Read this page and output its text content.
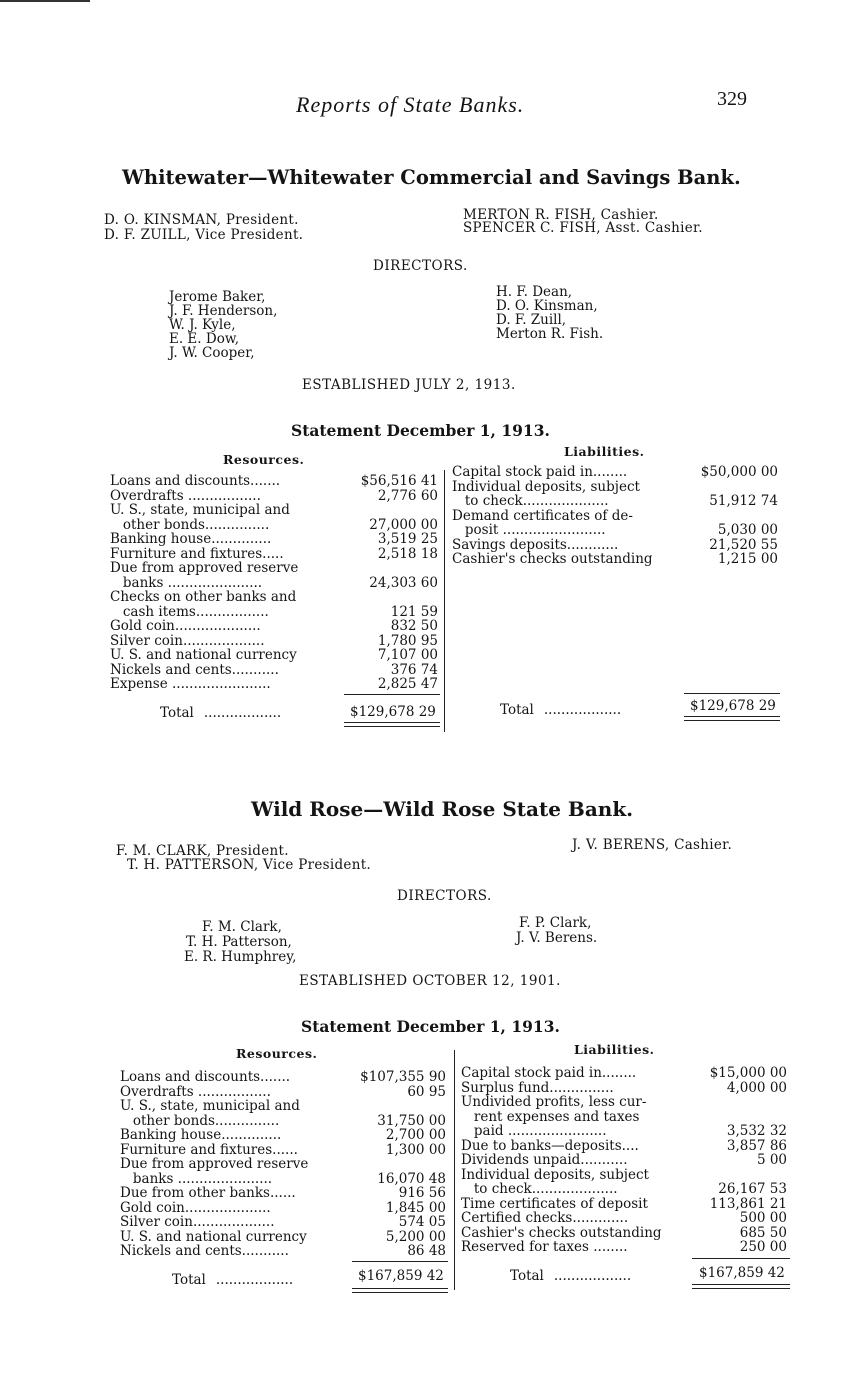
Reports of State Banks.	329
Whitewater—Whitewater Commercial and Savings Bank.
D. O. KINSMAN, President.
D. F. ZUILL, Vice President.
MERTON R. FISH, Cashier.
SPENCER C. FISH, Asst. Cashier.
DIRECTORS.
Jerome Baker,
J. F. Henderson,
W. J. Kyle,
E. E. Dow,
J. W. Cooper,
H. F. Dean,
D. O. Kinsman,
D. F. Zuill,
Merton R. Fish.
ESTABLISHED JULY 2, 1913.
Statement December 1, 1913.
Resources.
Liabilities.
Loans and discounts.......	$56,516 41
Overdrafts .................	2,776 60
U. S., state, municipal and
other bonds...............	27,000 00
Banking house..............	3,519 25
Furniture and fixtures.....	2,518 18
Due from approved reserve
banks ......................	24,303 60
Checks on other banks and
cash items.................	121 59
Gold coin....................	832 50
Silver coin...................	1,780 95
U. S. and national currency	7,107 00
Nickels and cents...........	376 74
Expense .......................	2,825 47
Total ..................	$129,678 29
Capital stock paid in........	$50,000 00
Individual deposits, subject
to check....................	51,912 74
Demand certificates of de-
posit ........................	5,030 00
Savings deposits............	21,520 55
Cashier's checks outstanding	1,215 00
Total ..................	$129,678 29
Wild Rose—Wild Rose State Bank.
F. M. CLARK, President.
T. H. PATTERSON, Vice President.
J. V. BERENS, Cashier.
DIRECTORS.
F. M. Clark,
T. H. Patterson,
E. R. Humphrey,
F. P. Clark,
J. V. Berens.
ESTABLISHED OCTOBER 12, 1901.
Statement December 1, 1913.
Resources.	Liabilities.
Loans and discounts.......	$107,355 90
Overdrafts .................	60 95
U. S., state, municipal and
other bonds...............	31,750 00
Banking house..............	2,700 00
Furniture and fixtures......	1,300 00
Due from approved reserve
banks ......................	16,070 48
Due from other banks......	916 56
Gold coin....................	1,845 00
Silver coin...................	574 05
U. S. and national currency	5,200 00
Nickels and cents...........	86 48
Total ..................	$167,859 42
Capital stock paid in........	$15,000 00
Surplus fund...............	4,000 00
Undivided profits, less cur-
rent expenses and taxes
paid .......................	3,532 32
Due to banks—deposits....	3,857 86
Dividends unpaid...........	5 00
Individual deposits, subject
to check....................	26,167 53
Time certificates of deposit	113,861 21
Certified checks.............	500 00
Cashier's checks outstanding	685 50
Reserved for taxes ........	250 00
Total ..................	$167,859 42
